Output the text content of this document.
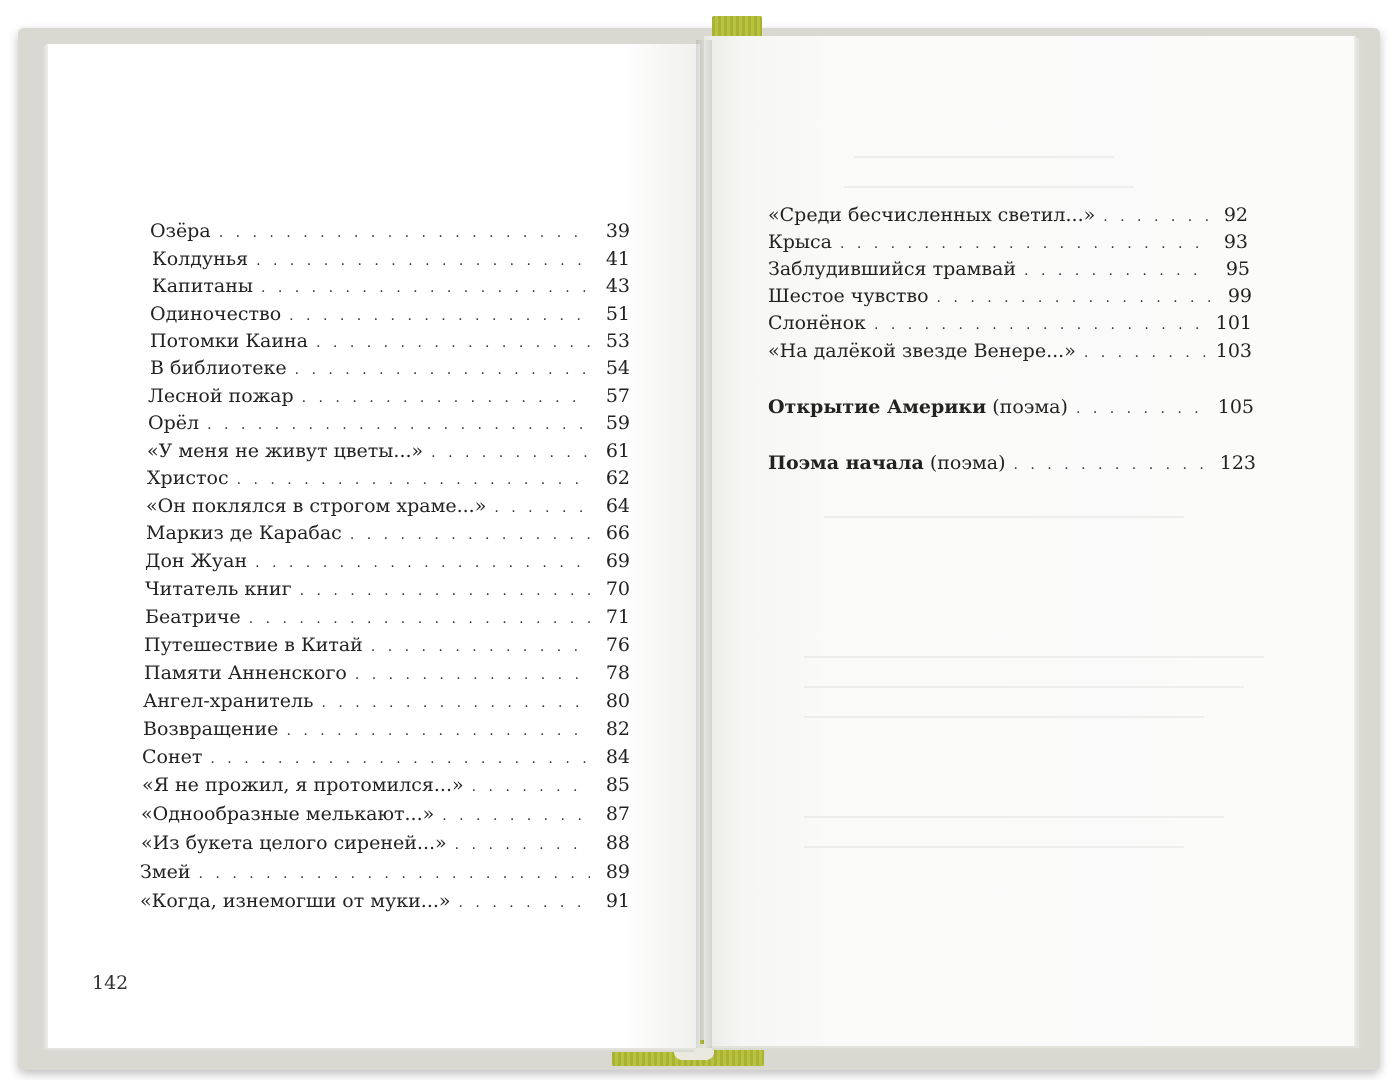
Озёра . . .	39
Колдунья . . .	41
Капитаны . . .	43
Одиночество . . .	51
Потомки Каина . . .	53
В библиотеке . . .	54
Лесной пожар . . .	57
Орёл . . .	59
«У меня не живут цветы...» . . .	61
Христос . . .	62
«Он поклялся в строгом храме...» . . .	64
Маркиз де Карабас . . .	66
Дон Жуан . . .	69
Читатель книг . . .	70
Беатриче . . .	71
Путешествие в Китай . . .	76
Памяти Анненского . . .	78
Ангел-хранитель . . .	80
Возвращение . . .	82
Сонет . . .	84
«Я не прожил, я протомился...» . . .	85
«Однообразные мелькают...» . . .	87
«Из букета целого сиреней...» . . .	88
Змей . . .	89
«Когда, изнемогши от муки...» . . .	91
142
«Среди бесчисленных светил...» . . .	92
Крыса . . .	93
Заблудившийся трамвай . . .	95
Шестое чувство . . .	99
Слонёнок . . .	101
«На далёкой звезде Венере...» . . .	103
Открытие Америки (поэма) . . .	105
Поэма начала (поэма) . . .	123
